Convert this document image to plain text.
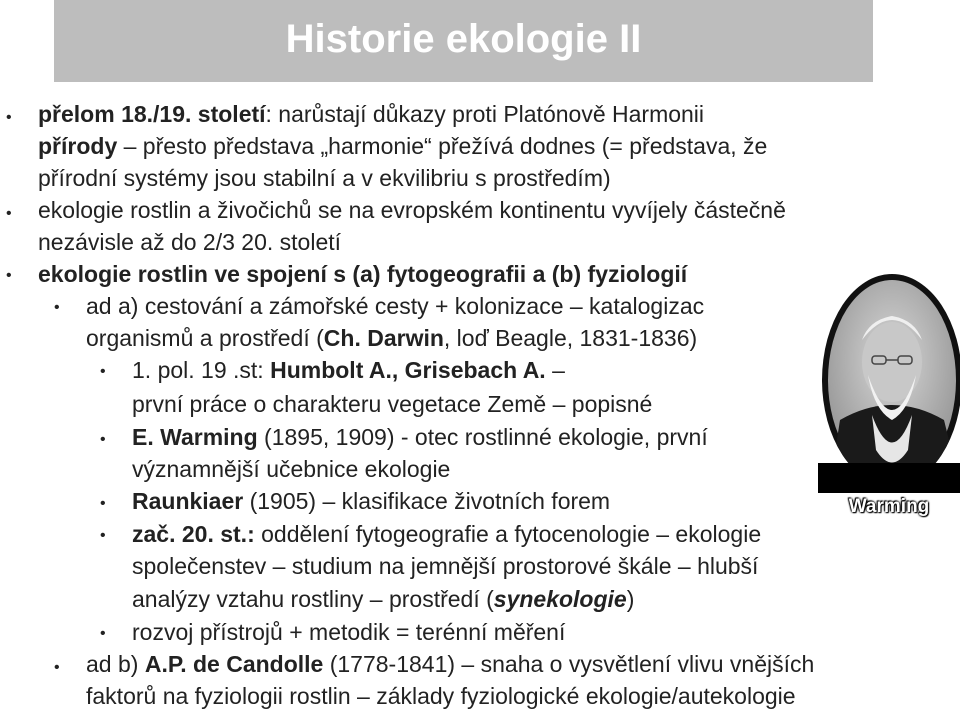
Historie ekologie II
•
•
•
•
•
•
•
•
•
•
přelom 18./19. století: narůstají důkazy proti Platónově Harmonii
přírody – přesto představa „harmonie“ přežívá dodnes (= představa, že
přírodní systémy jsou stabilní a v ekvilibriu s prostředím)
ekologie rostlin a živočichů se na evropském kontinentu vyvíjely částečně
nezávisle až do 2/3 20. století
ekologie rostlin ve spojení s (a) fytogeografii a (b) fyziologií
ad a) cestování a zámořské cesty + kolonizace – katalogizac
organismů a prostředí (Ch. Darwin, loď Beagle, 1831-1836)
1. pol. 19 .st: Humbolt A., Grisebach A. –
první práce o charakteru vegetace Země – popisné
E. Warming (1895, 1909) - otec rostlinné ekologie, první
významnější učebnice ekologie
Raunkiaer (1905) – klasifikace životních forem
zač. 20. st.: oddělení fytogeografie a fytocenologie – ekologie
společenstev – studium na jemnější prostorové škále – hlubší
analýzy vztahu rostliny – prostředí (synekologie)
rozvoj přístrojů + metodik = terénní měření
ad b) A.P. de Candolle (1778-1841) – snaha o vysvětlení vlivu vnějších
faktorů na fyziologii rostlin – základy fyziologické ekologie/autekologie
Warming
